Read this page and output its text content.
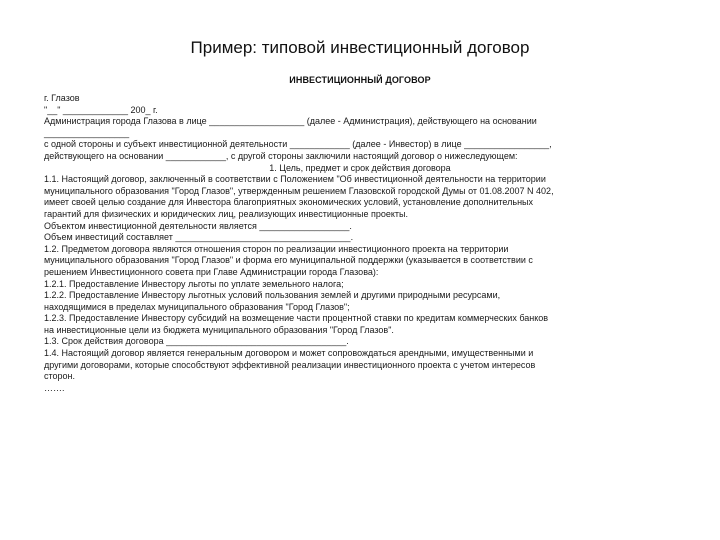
Пример: типовой инвестиционный договор
ИНВЕСТИЦИОННЫЙ ДОГОВОР
г. Глазов
"__" _____________ 200_ г.
Администрация города Глазова в лице ___________________ (далее - Администрация), действующего на основании
_________________
с одной стороны и субъект инвестиционной деятельности ____________ (далее - Инвестор) в лице _________________,
действующего на основании ____________, с другой стороны заключили настоящий договор о нижеследующем:
1. Цель, предмет и срок действия договора
1.1. Настоящий договор, заключенный в соответствии с Положением "Об инвестиционной деятельности на территории
муниципального образования "Город Глазов", утвержденным решением Глазовской городской Думы от 01.08.2007 N 402,
имеет своей целью создание для Инвестора благоприятных экономических условий, установление дополнительных
гарантий для физических и юридических лиц, реализующих инвестиционные проекты.
Объектом инвестиционной деятельности является __________________.
Объем инвестиций составляет ___________________________________.
1.2. Предметом договора являются отношения сторон по реализации инвестиционного проекта на территории
муниципального образования "Город Глазов" и форма его муниципальной поддержки (указывается в соответствии с
решением Инвестиционного совета при Главе Администрации города Глазова):
1.2.1. Предоставление Инвестору льготы по уплате земельного налога;
1.2.2. Предоставление Инвестору льготных условий пользования землей и другими природными ресурсами,
находящимися в пределах муниципального образования "Город Глазов";
1.2.3. Предоставление Инвестору субсидий на возмещение части процентной ставки по кредитам коммерческих банков
на инвестиционные цели из бюджета муниципального образования "Город Глазов".
1.3. Срок действия договора ____________________________________.
1.4. Настоящий договор является генеральным договором и может сопровождаться арендными, имущественными и
другими договорами, которые способствуют эффективной реализации инвестиционного проекта с учетом интересов
сторон.
…….
